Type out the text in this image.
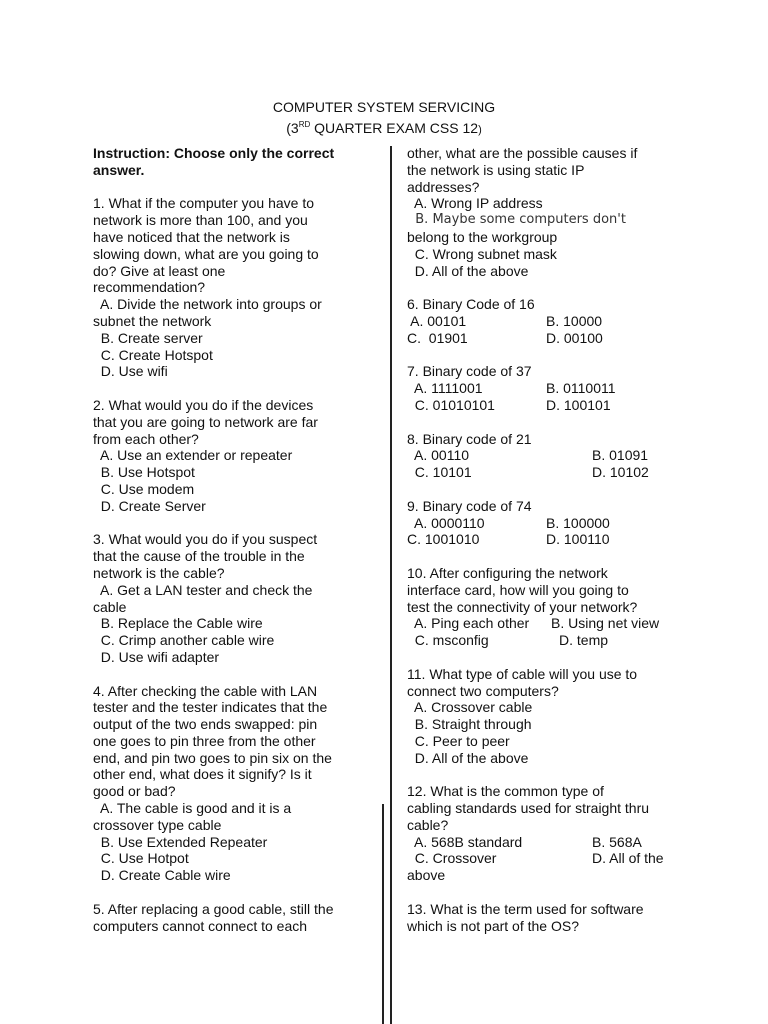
COMPUTER SYSTEM SERVICING
(3RD QUARTER EXAM CSS 12)
Instruction: Choose only the correct
answer.
1. What if the computer you have to
network is more than 100, and you
have noticed that the network is
slowing down, what are you going to
do? Give at least one
recommendation?
A. Divide the network into groups or
subnet the network
B. Create server
C. Create Hotspot
D. Use wifi
2. What would you do if the devices
that you are going to network are far
from each other?
A. Use an extender or repeater
B. Use Hotspot
C. Use modem
D. Create Server
3. What would you do if you suspect
that the cause of the trouble in the
network is the cable?
A. Get a LAN tester and check the
cable
B. Replace the Cable wire
C. Crimp another cable wire
D. Use wifi adapter
4. After checking the cable with LAN
tester and the tester indicates that the
output of the two ends swapped: pin
one goes to pin three from the other
end, and pin two goes to pin six on the
other end, what does it signify? Is it
good or bad?
A. The cable is good and it is a
crossover type cable
B. Use Extended Repeater
C. Use Hotpot
D. Create Cable wire
5. After replacing a good cable, still the
computers cannot connect to each
other, what are the possible causes if
the network is using static IP
addresses?
A. Wrong IP address
B. Maybe some computers don't
belong to the workgroup
C. Wrong subnet mask
D. All of the above
6. Binary Code of 16
A. 00101	B. 10000
C.  01901	D. 00100
7. Binary code of 37
A. 1111001	B. 0110011
C. 01010101	D. 100101
8. Binary code of 21
A. 00110	B. 01091
C. 10101	D. 10102
9. Binary code of 74
A. 0000110	B. 100000
C. 1001010	D. 100110
10. After configuring the network
interface card, how will you going to
test the connectivity of your network?
A. Ping each other B. Using net view
C. msconfig	D. temp
11. What type of cable will you use to
connect two computers?
A. Crossover cable
B. Straight through
C. Peer to peer
D. All of the above
12. What is the common type of
cabling standards used for straight thru
cable?
A. 568B standard	B. 568A
C. Crossover	D. All of the
above
13. What is the term used for software
which is not part of the OS?
